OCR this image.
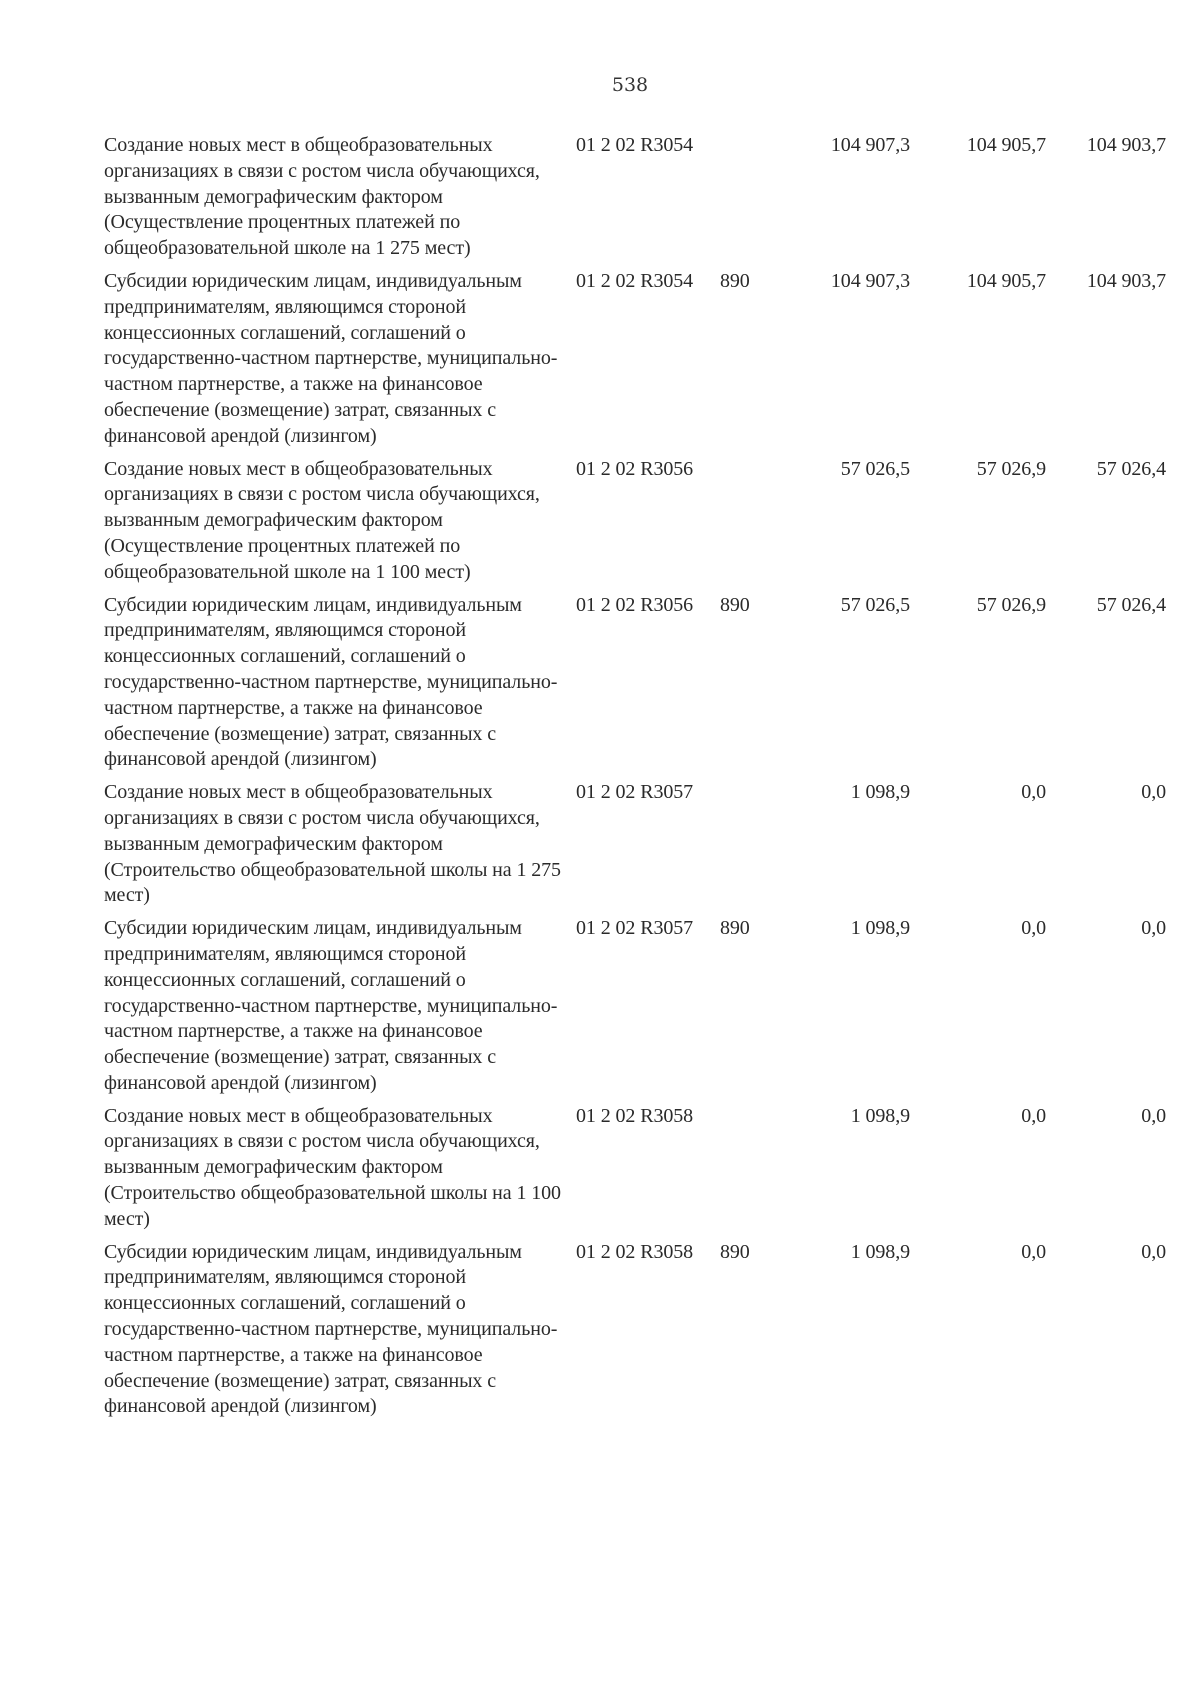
538
Создание новых мест в общеобразовательных организациях в связи с ростом числа обучающихся, вызванным демографическим фактором (Осуществление процентных платежей по общеобразовательной школе на 1 275 мест)	01 2 02 R3054		104 907,3	104 905,7	104 903,7
Субсидии юридическим лицам, индивидуальным предпринимателям, являющимся стороной концессионных соглашений, соглашений о государственно-частном партнерстве, муниципально-частном партнерстве, а также на финансовое обеспечение (возмещение) затрат, связанных с финансовой арендой (лизингом)	01 2 02 R3054	890	104 907,3	104 905,7	104 903,7
Создание новых мест в общеобразовательных организациях в связи с ростом числа обучающихся, вызванным демографическим фактором (Осуществление процентных платежей по общеобразовательной школе на 1 100 мест)	01 2 02 R3056		57 026,5	57 026,9	57 026,4
Субсидии юридическим лицам, индивидуальным предпринимателям, являющимся стороной концессионных соглашений, соглашений о государственно-частном партнерстве, муниципально-частном партнерстве, а также на финансовое обеспечение (возмещение) затрат, связанных с финансовой арендой (лизингом)	01 2 02 R3056	890	57 026,5	57 026,9	57 026,4
Создание новых мест в общеобразовательных организациях в связи с ростом числа обучающихся, вызванным демографическим фактором (Строительство общеобразовательной школы на 1 275 мест)	01 2 02 R3057		1 098,9	0,0	0,0
Субсидии юридическим лицам, индивидуальным предпринимателям, являющимся стороной концессионных соглашений, соглашений о государственно-частном партнерстве, муниципально-частном партнерстве, а также на финансовое обеспечение (возмещение) затрат, связанных с финансовой арендой (лизингом)	01 2 02 R3057	890	1 098,9	0,0	0,0
Создание новых мест в общеобразовательных организациях в связи с ростом числа обучающихся, вызванным демографическим фактором (Строительство общеобразовательной школы на 1 100 мест)	01 2 02 R3058		1 098,9	0,0	0,0
Субсидии юридическим лицам, индивидуальным предпринимателям, являющимся стороной концессионных соглашений, соглашений о государственно-частном партнерстве, муниципально-частном партнерстве, а также на финансовое обеспечение (возмещение) затрат, связанных с финансовой арендой (лизингом)	01 2 02 R3058	890	1 098,9	0,0	0,0
